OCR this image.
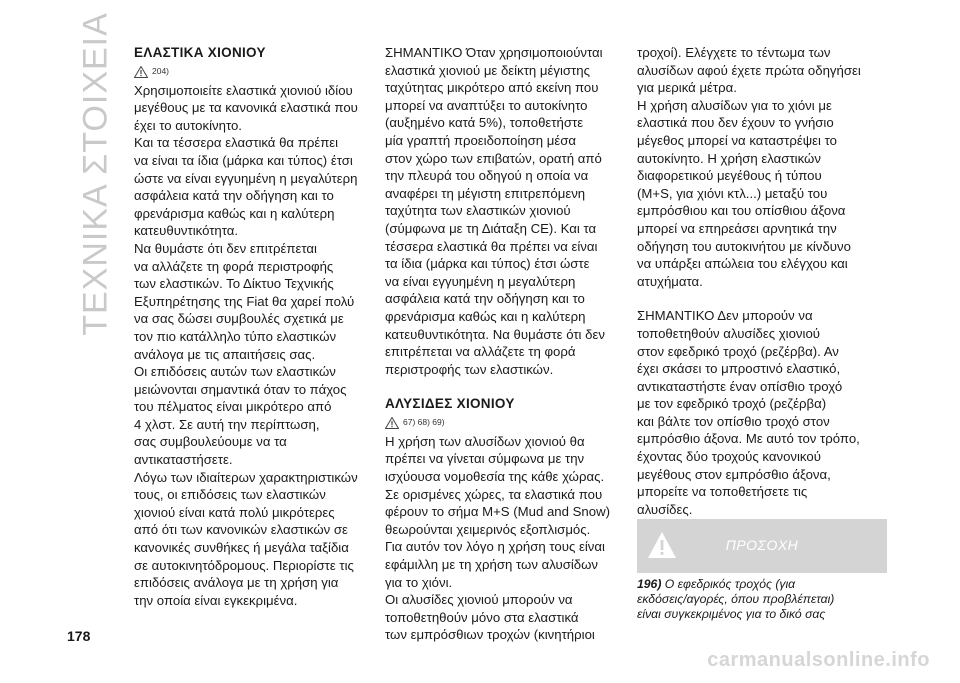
ΤΕΧΝΙΚΑ ΣΤΟΙΧΕΙΑ ΕΛΑΣΤΙΚΑ ΧΙΟΝΙΟΥ
204)

Χρησιμοποιείτε ελαστικά χιονιού ιδίου
μεγέθους με τα κανονικά ελαστικά που
έχει το αυτοκίνητο.

Και τα τέσσερα ελαστικά θα πρέπει
να είναι τα ίδια (μάρκα και τύπος) έτσι
ώστε να είναι εγγυημένη η μεγαλύτερη
ασφάλεια κατά την οδήγηση και το
φρενάρισμα καθώς και η καλύτερη
κατευθυντικότητα.

Να θυμάστε ότι δεν επιτρέπεται
να αλλάζετε τη φορά περιστροφής
των ελαστικών. Το Δίκτυο Τεχνικής
Εξυπηρέτησης της Fiat θα χαρεί πολύ
να σας δώσει συμβουλές σχετικά με
τον πιο κατάλληλο τύπο ελαστικών
ανάλογα με τις απαιτήσεις σας.

Οι επιδόσεις αυτών των ελαστικών
μειώνονται σημαντικά όταν το πάχος
του πέλματος είναι μικρότερο από
4 χλστ. Σε αυτή την περίπτωση,
σας συμβουλεύουμε να τα
αντικαταστήσετε.

Λόγω των ιδιαίτερων χαρακτηριστικών
τους, οι επιδόσεις των ελαστικών
χιονιού είναι κατά πολύ μικρότερες
από ότι των κανονικών ελαστικών σε
κανονικές συνθήκες ή μεγάλα ταξίδια
σε αυτοκινητόδρομους. Περιορίστε τις
επιδόσεις ανάλογα με τη χρήση για
την οποία είναι εγκεκριμένα.

ΣΗΜΑΝΤΙΚΟ Όταν χρησιμοποιούνται
ελαστικά χιονιού με δείκτη μέγιστης
ταχύτητας μικρότερο από εκείνη που
μπορεί να αναπτύξει το αυτοκίνητο
(αυξημένο κατά 5%), τοποθετήστε
μία γραπτή προειδοποίηση μέσα
στον χώρο των επιβατών, ορατή από
την πλευρά του οδηγού η οποία να
αναφέρει τη μέγιστη επιτρεπόμενη
ταχύτητα των ελαστικών χιονιού
(σύμφωνα με τη Διάταξη CE). Και τα
τέσσερα ελαστικά θα πρέπει να είναι
τα ίδια (μάρκα και τύπος) έτσι ώστε
να είναι εγγυημένη η μεγαλύτερη
ασφάλεια κατά την οδήγηση και το
φρενάρισμα καθώς και η καλύτερη
κατευθυντικότητα. Να θυμάστε ότι δεν
επιτρέπεται να αλλάζετε τη φορά
περιστροφής των ελαστικών.

ΑΛΥΣΙΔΕΣ ΧΙΟΝΙΟΥ
67) 68) 69)

Η χρήση των αλυσίδων χιονιού θα
πρέπει να γίνεται σύμφωνα με την
ισχύουσα νομοθεσία της κάθε χώρας.
Σε ορισμένες χώρες, τα ελαστικά που
φέρουν το σήμα M+S (Mud and Snow)
θεωρούνται χειμερινός εξοπλισμός.
Για αυτόν τον λόγο η χρήση τους είναι
εφάμιλλη με τη χρήση των αλυσίδων
για το χιόνι.

Οι αλυσίδες χιονιού μπορούν να
τοποθετηθούν μόνο στα ελαστικά
των εμπρόσθιων τροχών (κινητήριοι

τροχοί). Ελέγχετε το τέντωμα των
αλυσίδων αφού έχετε πρώτα οδηγήσει
για μερικά μέτρα.

Η χρήση αλυσίδων για το χιόνι με
ελαστικά που δεν έχουν το γνήσιο
μέγεθος μπορεί να καταστρέψει το
αυτοκίνητο. Η χρήση ελαστικών
διαφορετικού μεγέθους ή τύπου
(M+S, για χιόνι κτλ...) μεταξύ του
εμπρόσθιου και του οπίσθιου άξονα
μπορεί να επηρεάσει αρνητικά την
οδήγηση του αυτοκινήτου με κίνδυνο
να υπάρξει απώλεια του ελέγχου και
ατυχήματα.

ΣΗΜΑΝΤΙΚΟ Δεν μπορούν να
τοποθετηθούν αλυσίδες χιονιού
στον εφεδρικό τροχό (ρεζέρβα). Αν
έχει σκάσει το μπροστινό ελαστικό,
αντικαταστήστε έναν οπίσθιο τροχό
με τον εφεδρικό τροχό (ρεζέρβα)
και βάλτε τον οπίσθιο τροχό στον
εμπρόσθιο άξονα. Με αυτό τον τρόπο,
έχοντας δύο τροχούς κανονικού
μεγέθους στον εμπρόσθιο άξονα,
μπορείτε να τοποθετήσετε τις
αλυσίδες.

ΠΡΟΣΟΧΗ
196) Ο εφεδρικός τροχός (για
εκδόσεις/αγορές, όπου προβλέπεται)
είναι συγκεκριμένος για το δικό σας
178
carmanualsonline.info
